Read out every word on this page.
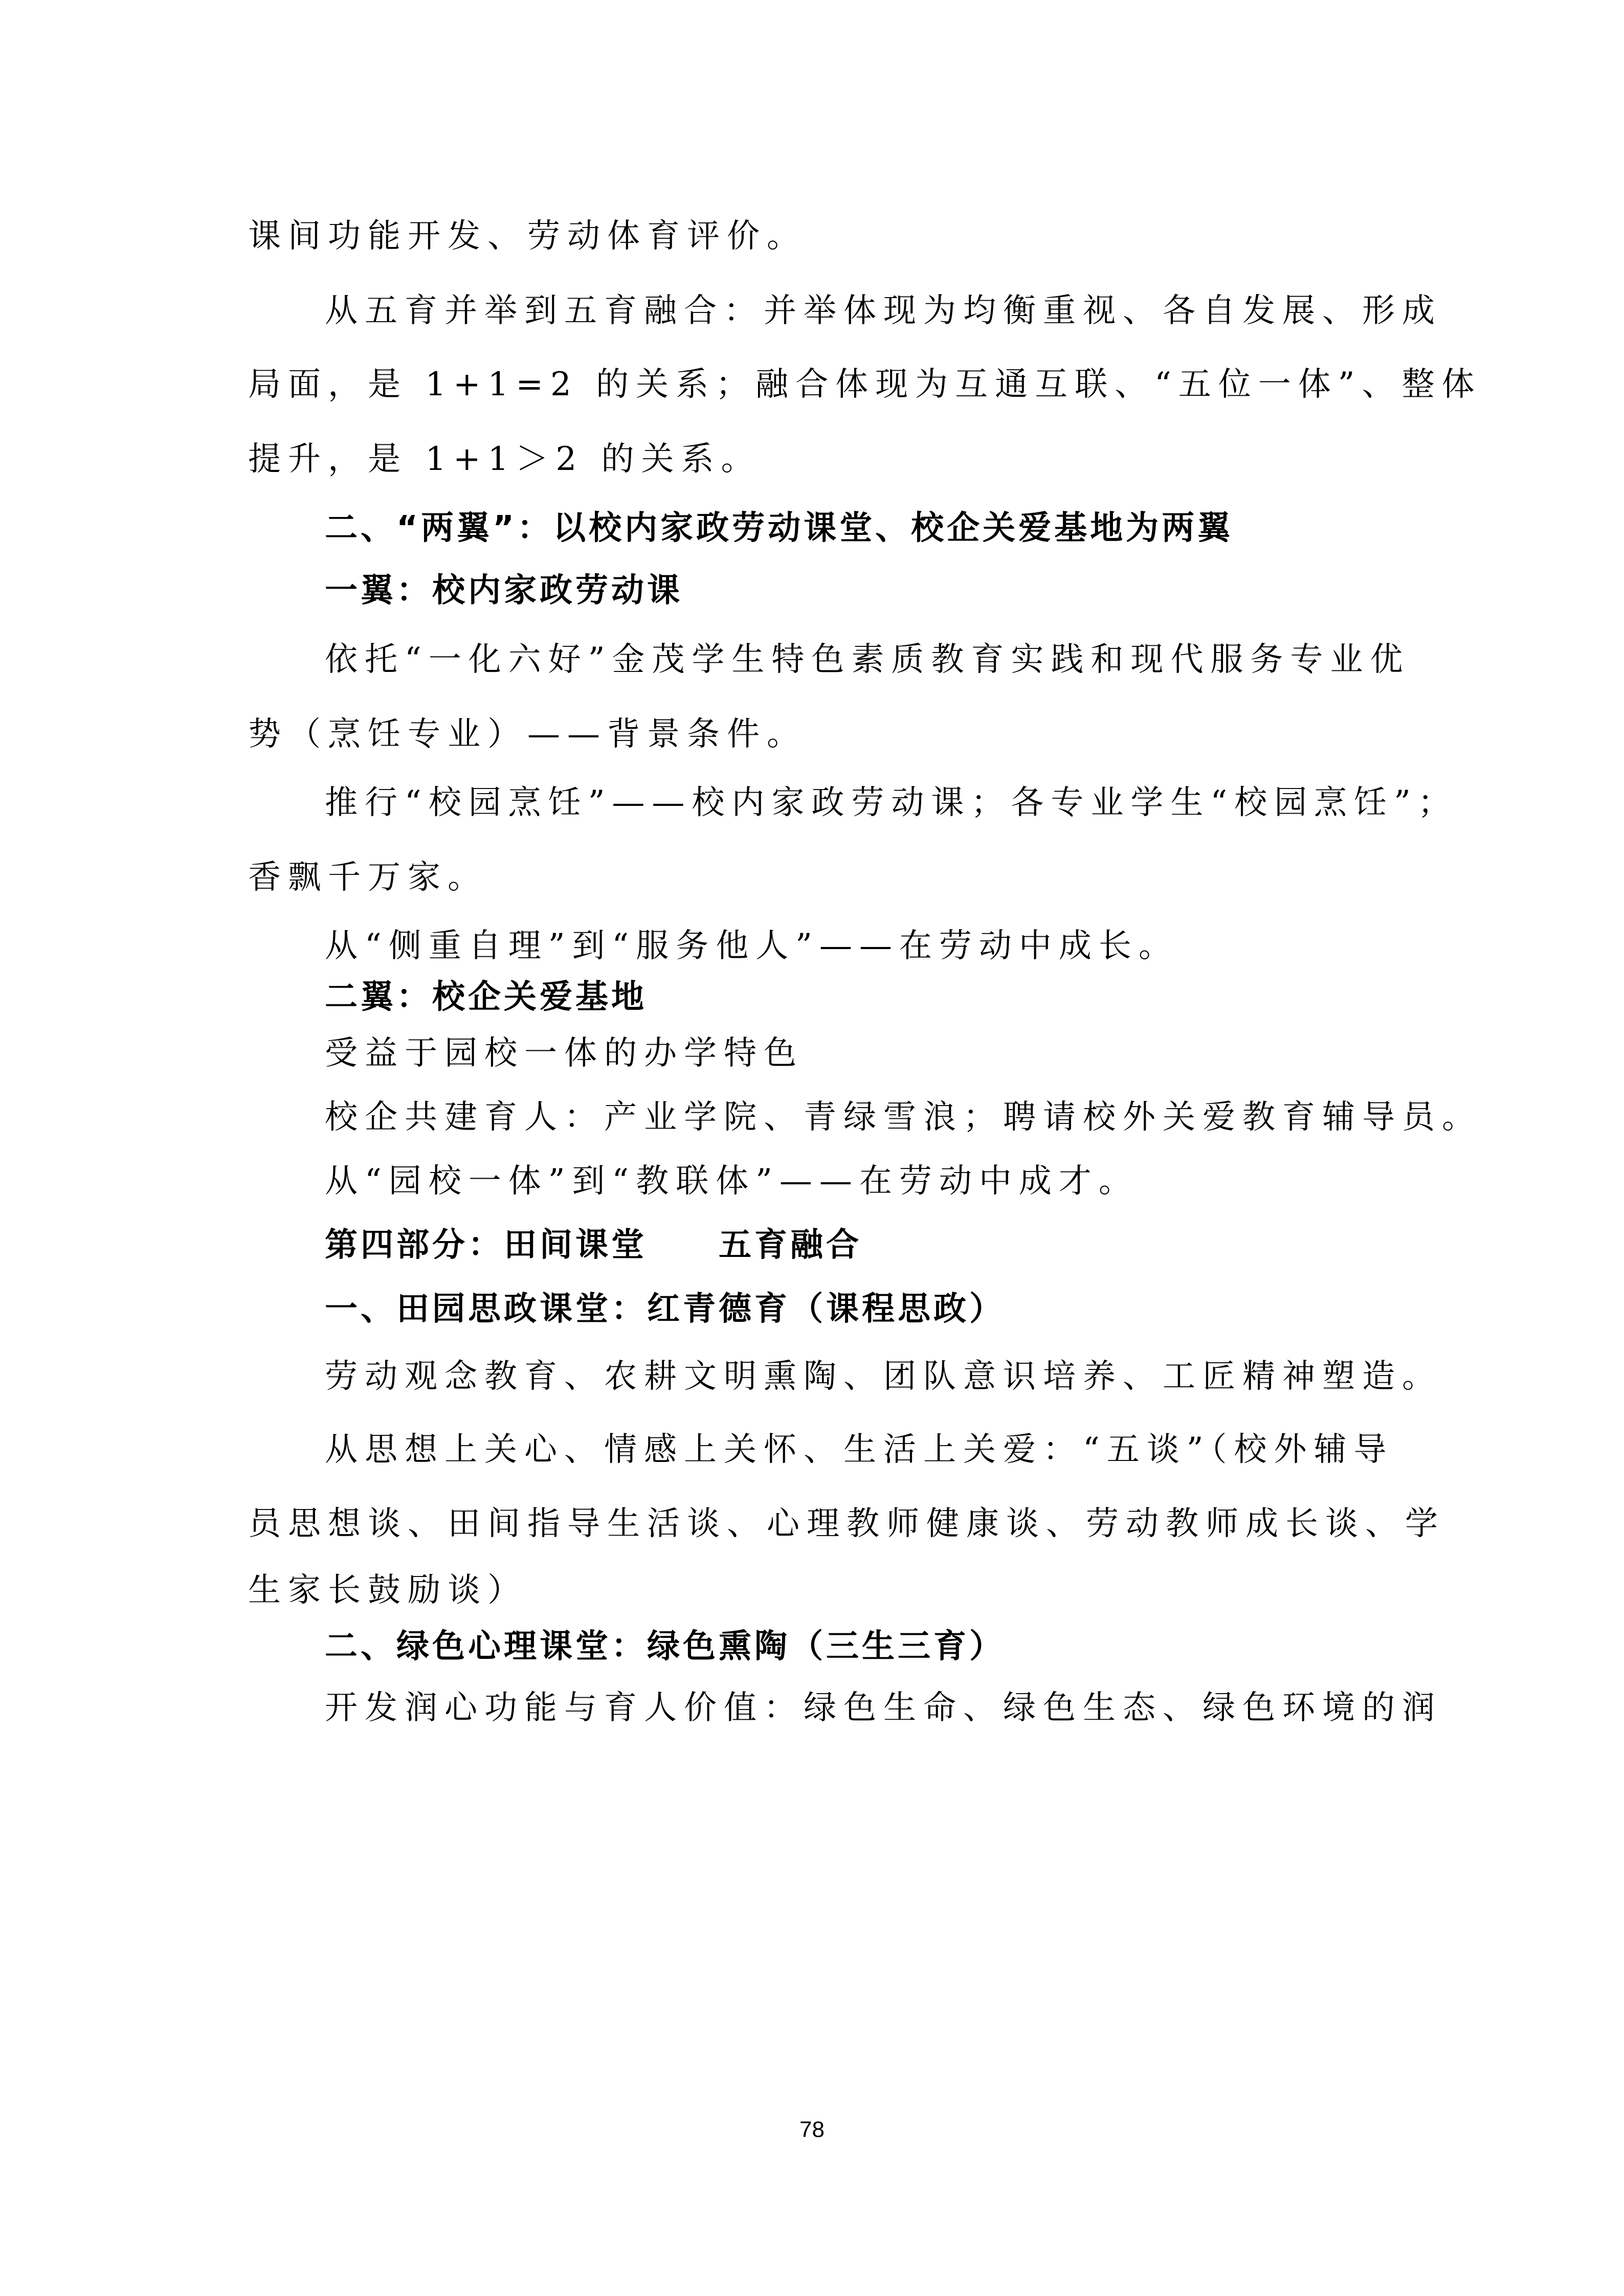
课间功能开发、劳动体育评价。
从五育并举到五育融合：并举体现为均衡重视、各自发展、形成
局面，是 1+1=2 的关系；融合体现为互通互联、“五位一体”、整体
提升，是 1+1＞2 的关系。
二、“两翼”：以校内家政劳动课堂、校企关爱基地为两翼
一翼：校内家政劳动课
依托“一化六好”金茂学生特色素质教育实践和现代服务专业优
势（烹饪专业）——背景条件。
推行“校园烹饪”——校内家政劳动课；各专业学生“校园烹饪”；
香飘千万家。
从“侧重自理”到“服务他人”——在劳动中成长。
二翼：校企关爱基地
受益于园校一体的办学特色
校企共建育人：产业学院、青绿雪浪；聘请校外关爱教育辅导员。
从“园校一体”到“教联体”——在劳动中成才。
第四部分：田间课堂　　五育融合
一、田园思政课堂：红青德育（课程思政）
劳动观念教育、农耕文明熏陶、团队意识培养、工匠精神塑造。
从思想上关心、情感上关怀、生活上关爱：“五谈”（校外辅导
员思想谈、田间指导生活谈、心理教师健康谈、劳动教师成长谈、学
生家长鼓励谈）
二、绿色心理课堂：绿色熏陶（三生三育）
开发润心功能与育人价值：绿色生命、绿色生态、绿色环境的润
78
